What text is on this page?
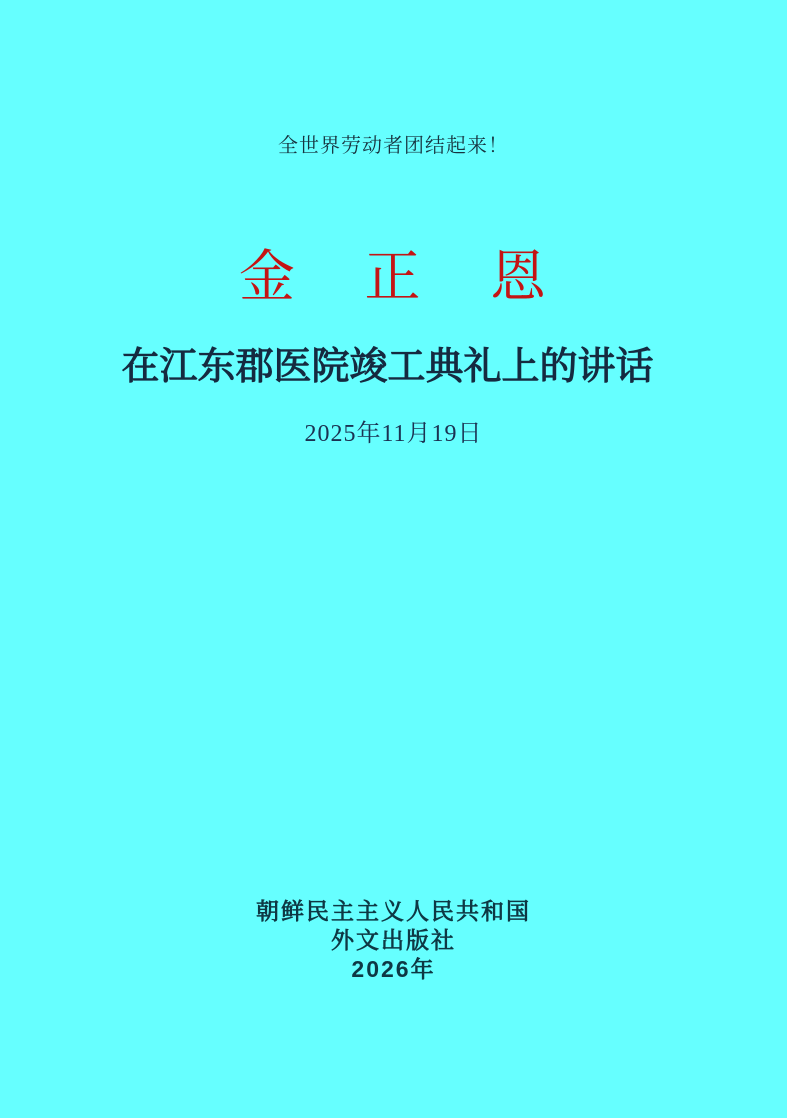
全世界劳动者团结起来！
金 正 恩
在江东郡医院竣工典礼上的讲话
2025年11月19日
朝鲜民主主义人民共和国
外文出版社
2026年
